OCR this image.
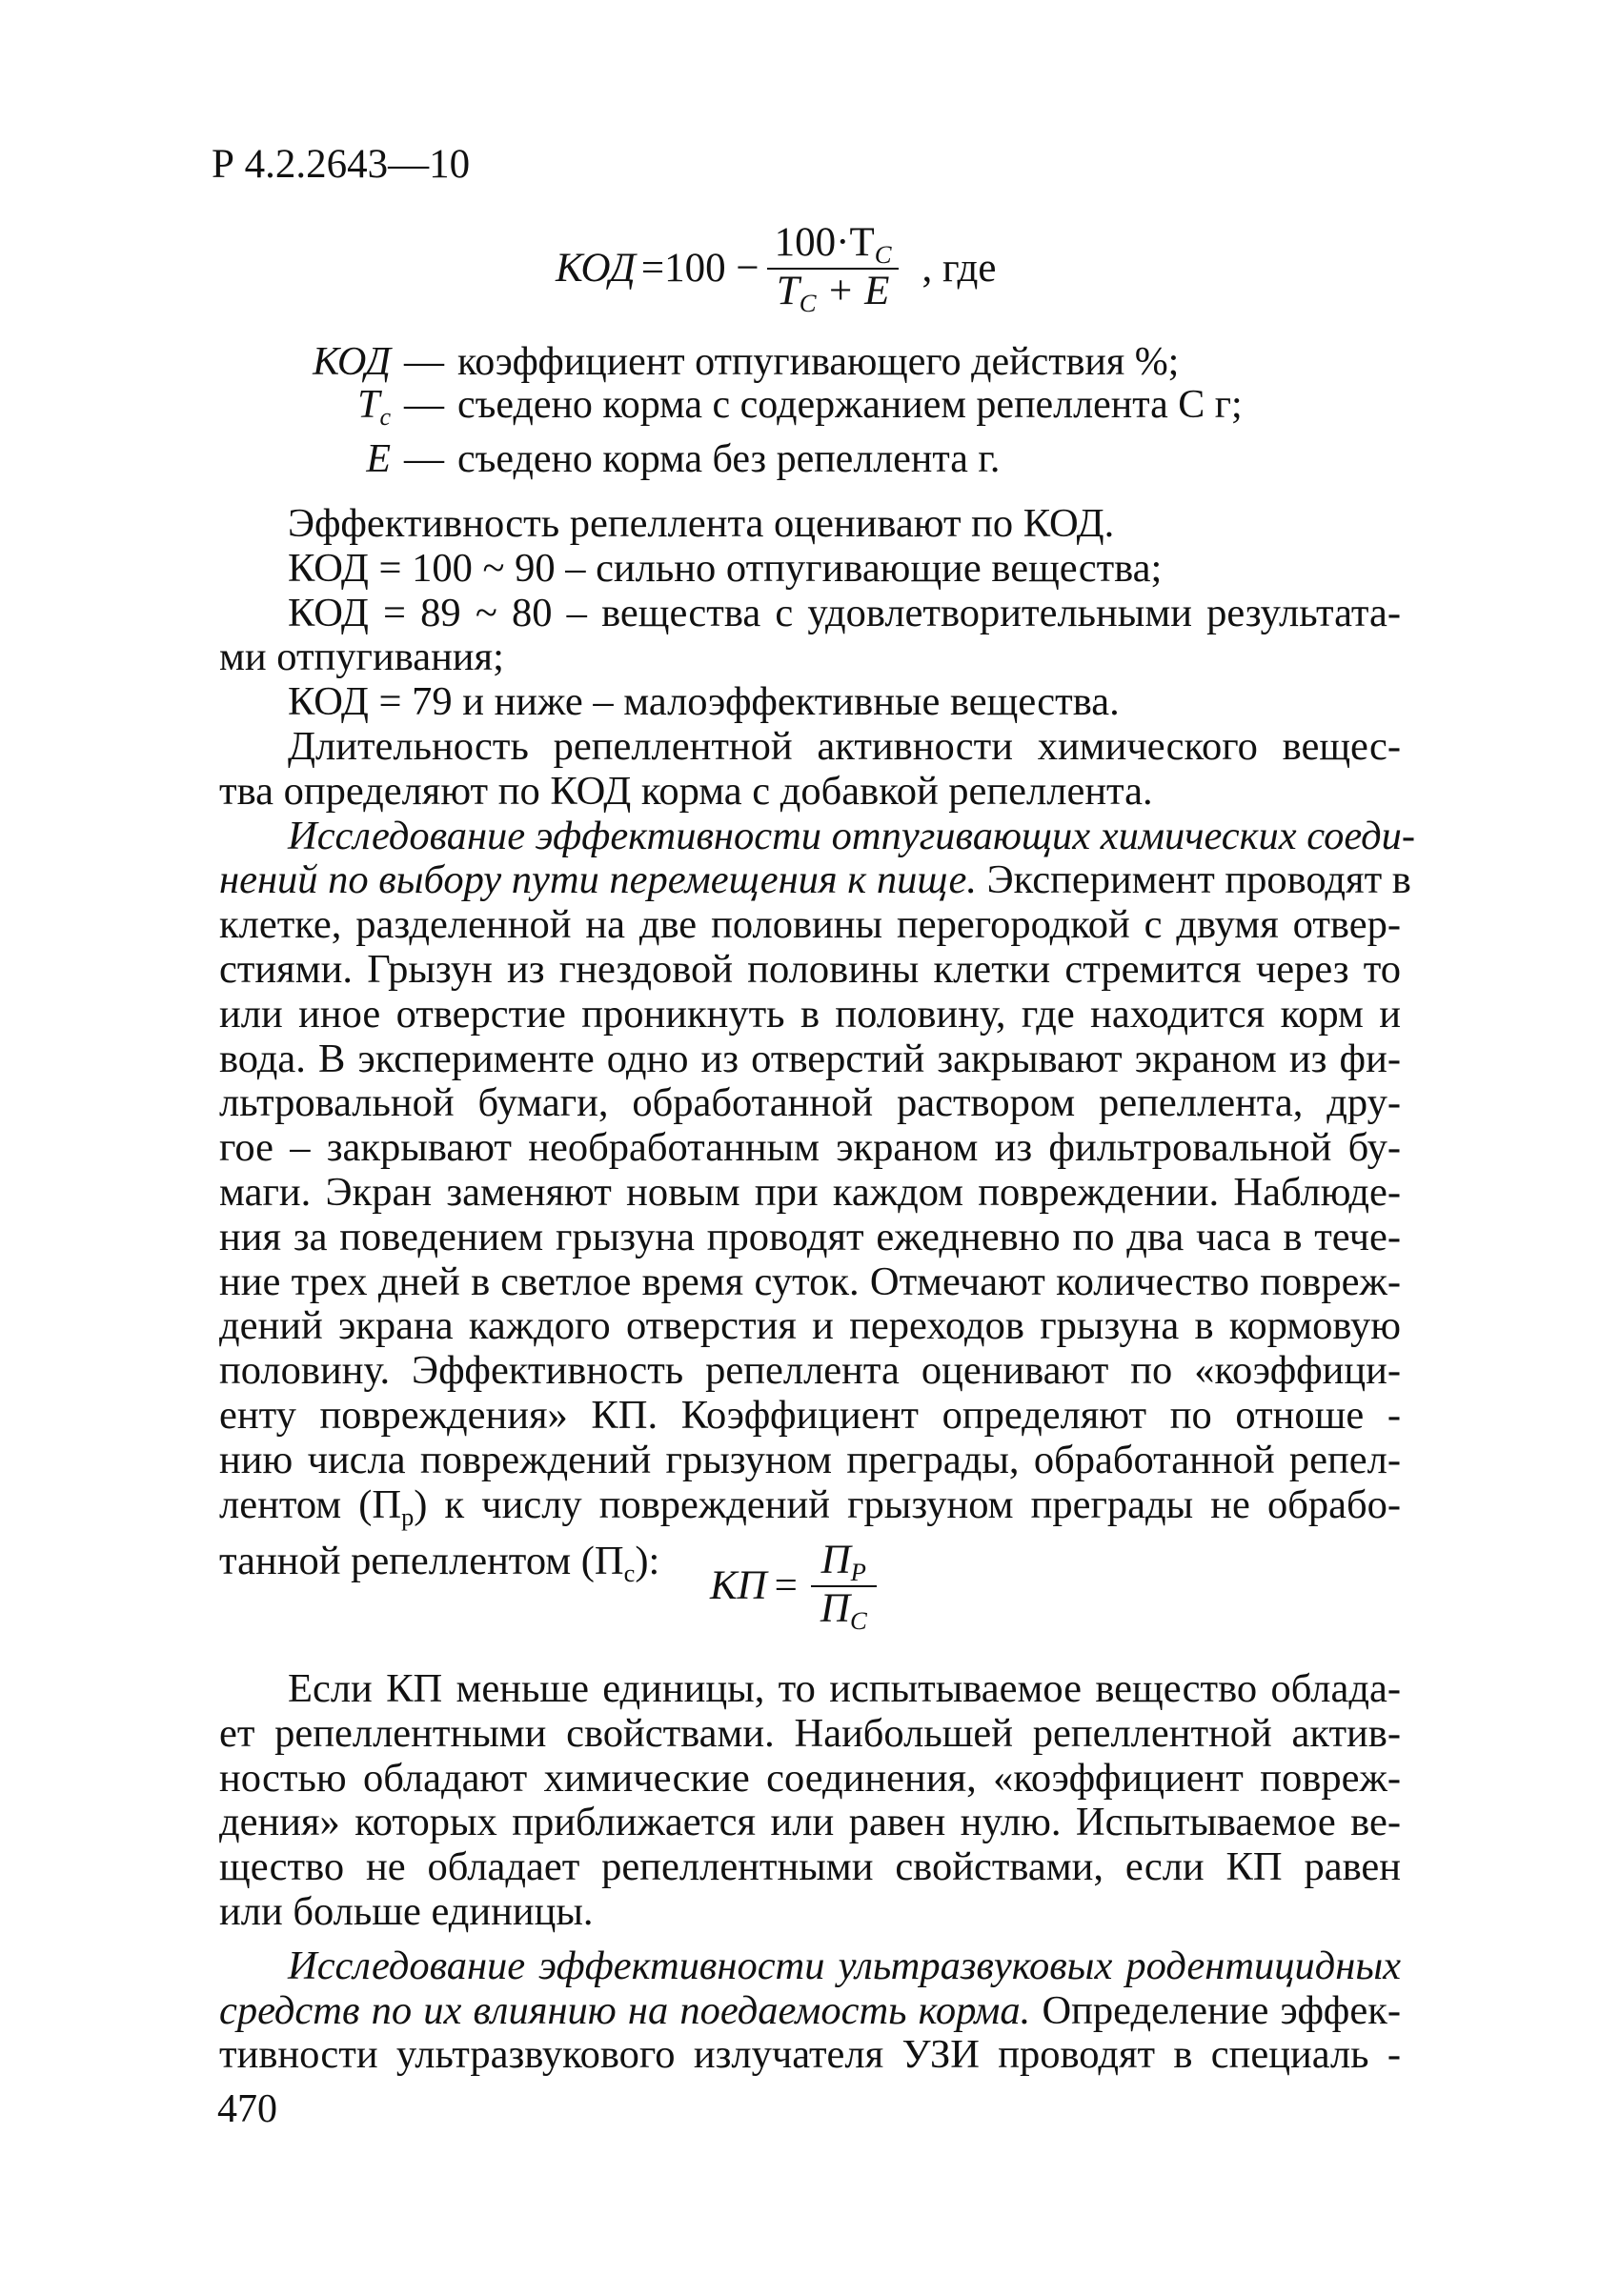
Р 4.2.2643—10
КОД $=100 - \frac{100\cdot T_C}{T_C + E}$ , где
КОД — коэффициент отпугивающего действия %;
$T_c$ — съедено корма с содержанием репеллента С г;
E — съедено корма без репеллента г.

Эффективность репеллента оценивают по КОД.

КОД = 100 ~ 90 – сильно отпугивающие вещества;

КОД = 89 ~ 80 – вещества с удовлетворительными результата-
ми отпугивания;

КОД = 79 и ниже – малоэффективные вещества.

Длительность репеллентной активности химического вещес-
тва определяют по КОД корма с добавкой репеллента.

Исследование эффективности отпугивающих химических соеди-
нений по выбору пути перемещения к пище. Эксперимент проводят в
клетке, разделенной на две половины перегородкой с двумя отвер-
стиями. Грызун из гнездовой половины клетки стремится через то
или иное отверстие проникнуть в половину, где находится корм и
вода. В эксперименте одно из отверстий закрывают экраном из фи-
льтровальной бумаги, обработанной раствором репеллента, дру-
гое – закрывают необработанным экраном из фильтровальной бу-
маги. Экран заменяют новым при каждом повреждении. Наблюде-
ния за поведением грызуна проводят ежедневно по два часа в тече-
ние трех дней в светлое время суток. Отмечают количество повреж-
дений экрана каждого отверстия и переходов грызуна в кормовую
половину. Эффективность репеллента оценивают по «коэффици-
енту повреждения» КП. Коэффициент определяют по отноше -
нию числа повреждений грызуном преграды, обработанной репел-
лентом $(П_р)$ к числу повреждений грызуном преграды не обрабо-
танной репеллентом $(П_с)$:

КП = $\frac{П_P}{П_C}$

Если КП меньше единицы, то испытываемое вещество облада-
ет репеллентными свойствами. Наибольшей репеллентной актив-
ностью обладают химические соединения, «коэффициент повреж-
дения» которых приближается или равен нулю. Испытываемое ве-
щество не обладает репеллентными свойствами, если КП равен
или больше единицы.

Исследование эффективности ультразвуковых родентицидных
средств по их влиянию на поедаемость корма. Определение эффек-
тивности ультразвукового излучателя УЗИ проводят в специаль -

470
